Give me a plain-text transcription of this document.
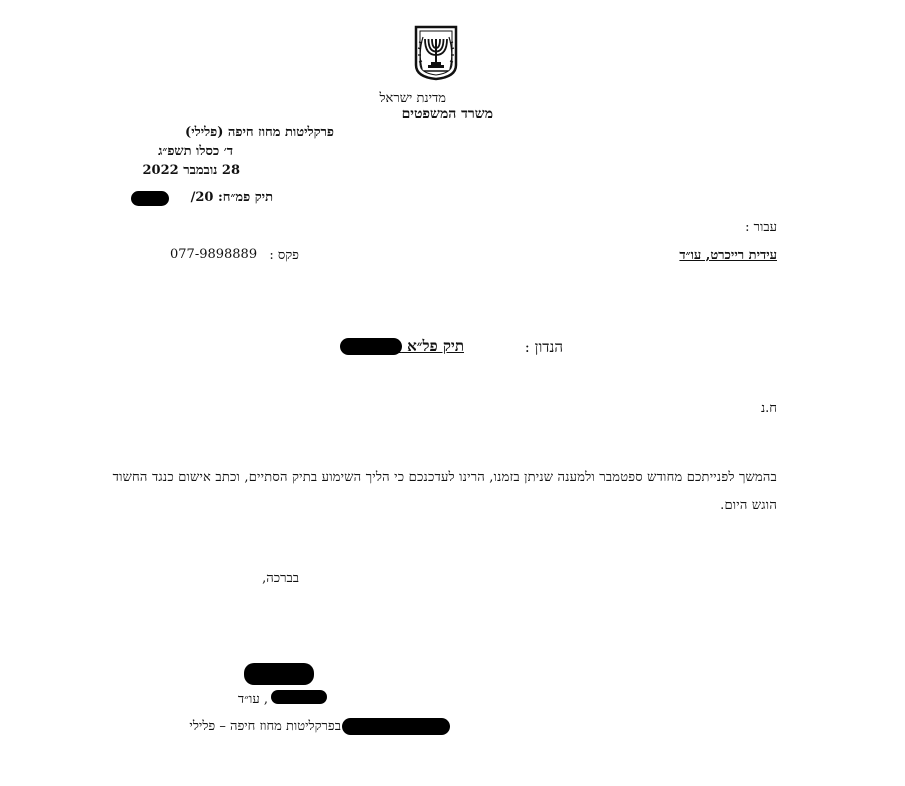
מדינת ישראל
משרד המשפטים
פרקליטות מחוז חיפה (פלילי)
ד׳ כסלו תשפ״ג
28 נובמבר 2022
תיק פמ״ח: 20/
עבור :
עידית רייכרט, עו״ד
פקס :
077-9898889
הנדון :
תיק פל״א
ח.נ
בהמשך לפנייתכם מחודש ספטמבר ולמענה שניתן בזמנו, הרינו לעדכנכם כי הליך השימוע בתיק הסתיים, וכתב אישום כנגד החשוד הוגש היום.
בברכה,
, עו״ד
בפרקליטות מחוז חיפה – פלילי
